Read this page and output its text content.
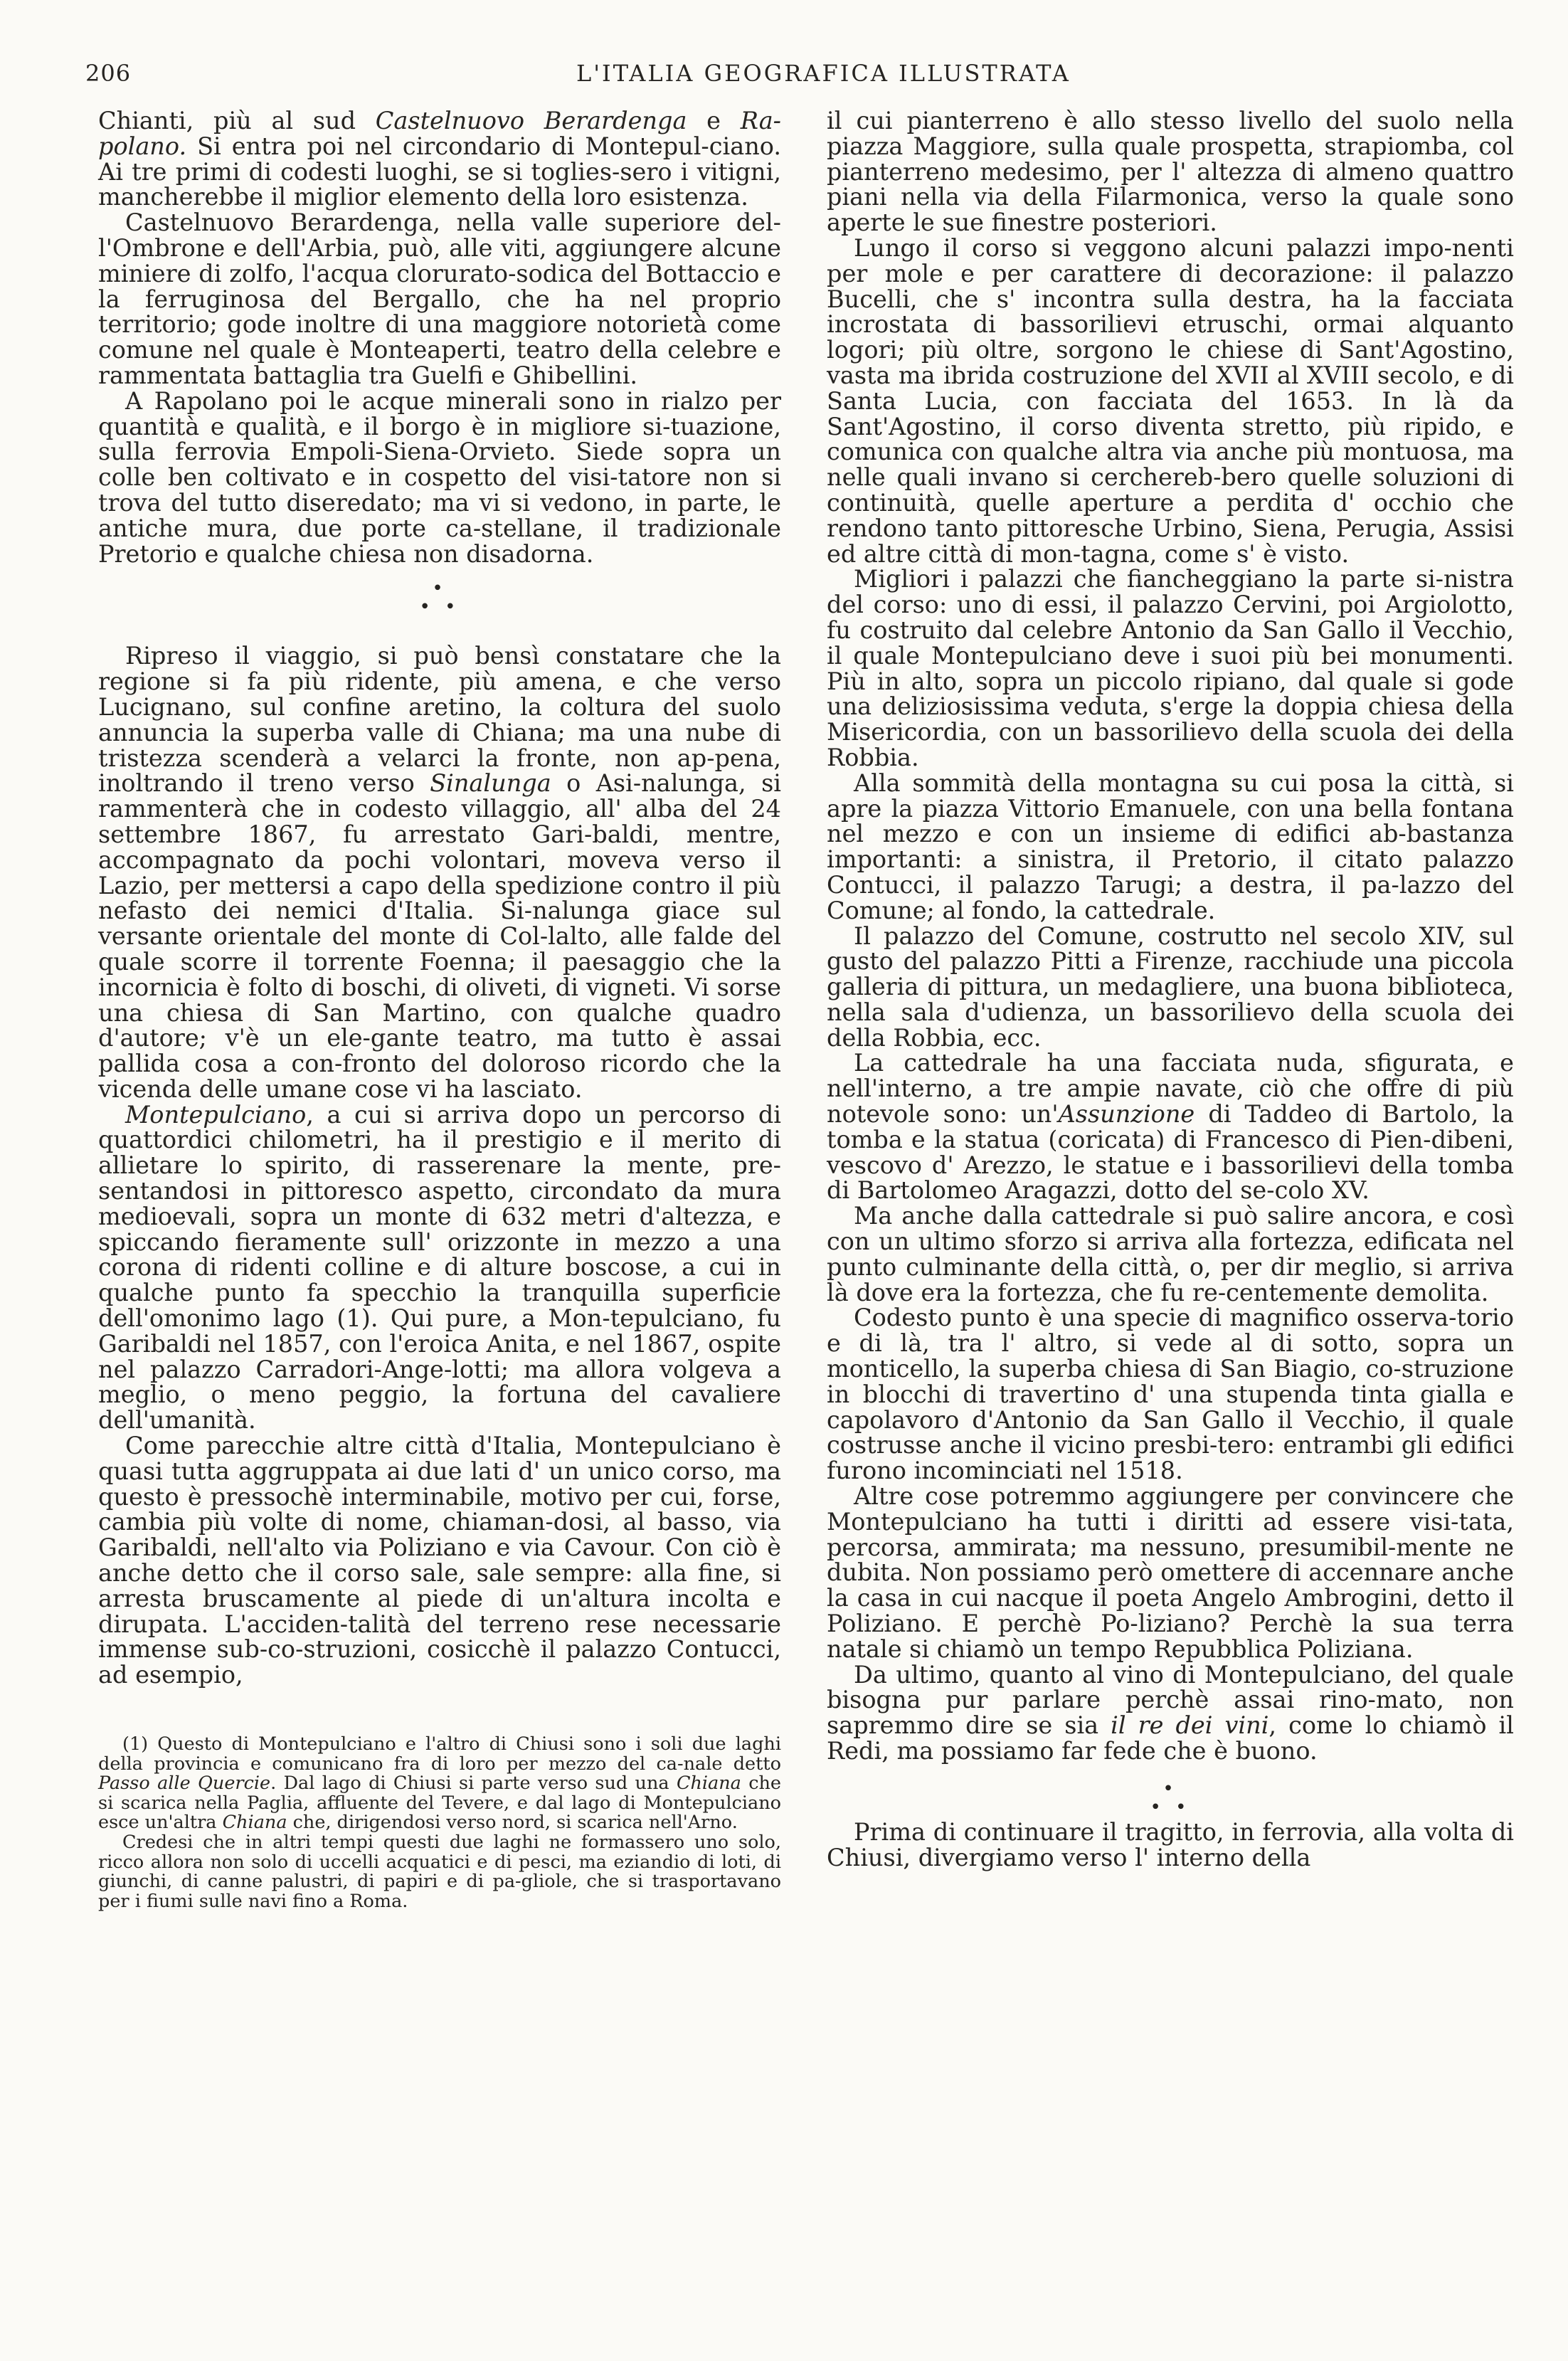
206	L'ITALIA GEOGRAFICA ILLUSTRATA

Chianti, più al sud Castelnuovo Berardenga e Ra-polano. Si entra poi nel circondario di Montepul-ciano. Ai tre primi di codesti luoghi, se si toglies-sero i vitigni, mancherebbe il miglior elemento della loro esistenza.

Castelnuovo Berardenga, nella valle superiore del-l'Ombrone e dell'Arbia, può, alle viti, aggiungere alcune miniere di zolfo, l'acqua clorurato-sodica del Bottaccio e la ferruginosa del Bergallo, che ha nel proprio territorio; gode inoltre di una maggiore notorietà come comune nel quale è Monteaperti, teatro della celebre e rammentata battaglia tra Guelfi e Ghibellini.

A Rapolano poi le acque minerali sono in rialzo per quantità e qualità, e il borgo è in migliore si-tuazione, sulla ferrovia Empoli-Siena-Orvieto. Siede sopra un colle ben coltivato e in cospetto del visi-tatore non si trova del tutto diseredato; ma vi si vedono, in parte, le antiche mura, due porte ca-stellane, il tradizionale Pretorio e qualche chiesa non disadorna.

•
• •

Ripreso il viaggio, si può bensì constatare che la regione si fa più ridente, più amena, e che verso Lucignano, sul confine aretino, la coltura del suolo annuncia la superba valle di Chiana; ma una nube di tristezza scenderà a velarci la fronte, non ap-pena, inoltrando il treno verso Sinalunga o Asi-nalunga, si rammenterà che in codesto villaggio, all' alba del 24 settembre 1867, fu arrestato Gari-baldi, mentre, accompagnato da pochi volontari, moveva verso il Lazio, per mettersi a capo della spedizione contro il più nefasto dei nemici d'Italia. Si-nalunga giace sul versante orientale del monte di Col-lalto, alle falde del quale scorre il torrente Foenna; il paesaggio che la incornicia è folto di boschi, di oliveti, di vigneti. Vi sorse una chiesa di San Martino, con qualche quadro d'autore; v'è un ele-gante teatro, ma tutto è assai pallida cosa a con-fronto del doloroso ricordo che la vicenda delle umane cose vi ha lasciato.

Montepulciano, a cui si arriva dopo un percorso di quattordici chilometri, ha il prestigio e il merito di allietare lo spirito, di rasserenare la mente, pre-sentandosi in pittoresco aspetto, circondato da mura medioevali, sopra un monte di 632 metri d'altezza, e spiccando fieramente sull' orizzonte in mezzo a una corona di ridenti colline e di alture boscose, a cui in qualche punto fa specchio la tranquilla superficie dell'omonimo lago (1). Qui pure, a Mon-tepulciano, fu Garibaldi nel 1857, con l'eroica Anita, e nel 1867, ospite nel palazzo Carradori-Ange-lotti; ma allora volgeva a meglio, o meno peggio, la fortuna del cavaliere dell'umanità.

Come parecchie altre città d'Italia, Montepulciano è quasi tutta aggruppata ai due lati d' un unico corso, ma questo è pressochè interminabile, motivo per cui, forse, cambia più volte di nome, chiaman-dosi, al basso, via Garibaldi, nell'alto via Poliziano e via Cavour. Con ciò è anche detto che il corso sale, sale sempre: alla fine, si arresta bruscamente al piede di un'altura incolta e dirupata. L'acciden-talità del terreno rese necessarie immense sub-co-struzioni, cosicchè il palazzo Contucci, ad esempio,

(1) Questo di Montepulciano e l'altro di Chiusi sono i soli due laghi della provincia e comunicano fra di loro per mezzo del ca-nale detto Passo alle Quercie. Dal lago di Chiusi si parte verso sud una Chiana che si scarica nella Paglia, affluente del Tevere, e dal lago di Montepulciano esce un'altra Chiana che, dirigendosi verso nord, si scarica nell'Arno.

Credesi che in altri tempi questi due laghi ne formassero uno solo, ricco allora non solo di uccelli acquatici e di pesci, ma eziandio di loti, di giunchi, di canne palustri, di papiri e di pa-gliole, che si trasportavano per i fiumi sulle navi fino a Roma.

il cui pianterreno è allo stesso livello del suolo nella piazza Maggiore, sulla quale prospetta, strapiomba, col pianterreno medesimo, per l' altezza di almeno quattro piani nella via della Filarmonica, verso la quale sono aperte le sue finestre posteriori.

Lungo il corso si veggono alcuni palazzi impo-nenti per mole e per carattere di decorazione: il palazzo Bucelli, che s' incontra sulla destra, ha la facciata incrostata di bassorilievi etruschi, ormai alquanto logori; più oltre, sorgono le chiese di Sant'Agostino, vasta ma ibrida costruzione del XVII al XVIII secolo, e di Santa Lucia, con facciata del 1653. In là da Sant'Agostino, il corso diventa stretto, più ripido, e comunica con qualche altra via anche più montuosa, ma nelle quali invano si cercherеb-bero quelle soluzioni di continuità, quelle aperture a perdita d' occhio che rendono tanto pittoresche Urbino, Siena, Perugia, Assisi ed altre città di mon-tagna, come s' è visto.

Migliori i palazzi che fiancheggiano la parte si-nistra del corso: uno di essi, il palazzo Cervini, poi Argiolotto, fu costruito dal celebre Antonio da San Gallo il Vecchio, il quale Montepulciano deve i suoi più bei monumenti. Più in alto, sopra un piccolo ripiano, dal quale si gode una deliziosissima veduta, s'erge la doppia chiesa della Misericordia, con un bassorilievo della scuola dei della Robbia.

Alla sommità della montagna su cui posa la città, si apre la piazza Vittorio Emanuele, con una bella fontana nel mezzo e con un insieme di edifici ab-bastanza importanti: a sinistra, il Pretorio, il citato palazzo Contucci, il palazzo Tarugi; a destra, il pa-lazzo del Comune; al fondo, la cattedrale.

Il palazzo del Comune, costrutto nel secolo XIV, sul gusto del palazzo Pitti a Firenze, racchiude una piccola galleria di pittura, un medagliere, una buona biblioteca, nella sala d'udienza, un bassorilievo della scuola dei della Robbia, ecc.

La cattedrale ha una facciata nuda, sfigurata, e nell'interno, a tre ampie navate, ciò che offre di più notevole sono: un'Assunzione di Taddeo di Bartolo, la tomba e la statua (coricata) di Francesco di Pien-dibeni, vescovo d' Arezzo, le statue e i bassorilievi della tomba di Bartolomeo Aragazzi, dotto del se-colo XV.

Ma anche dalla cattedrale si può salire ancora, e così con un ultimo sforzo si arriva alla fortezza, edificata nel punto culminante della città, o, per dir meglio, si arriva là dove era la fortezza, che fu re-centemente demolita.

Codesto punto è una specie di magnifico osserva-torio e di là, tra l' altro, si vede al di sotto, sopra un monticello, la superba chiesa di San Biagio, co-struzione in blocchi di travertino d' una stupenda tinta gialla e capolavoro d'Antonio da San Gallo il Vecchio, il quale costrusse anche il vicino presbi-tero: entrambi gli edifici furono incominciati nel 1518.

Altre cose potremmo aggiungere per convincere che Montepulciano ha tutti i diritti ad essere visi-tata, percorsa, ammirata; ma nessuno, presumibil-mente ne dubita. Non possiamo però omettere di accennare anche la casa in cui nacque il poeta Angelo Ambrogini, detto il Poliziano. E perchè Po-liziano? Perchè la sua terra natale si chiamò un tempo Repubblica Poliziana.

Da ultimo, quanto al vino di Montepulciano, del quale bisogna pur parlare perchè assai rino-mato, non sapremmo dire se sia il re dei vini, come lo chiamò il Redi, ma possiamo far fede che è buono.

•
• •

Prima di continuare il tragitto, in ferrovia, alla volta di Chiusi, divergiamo verso l' interno della
